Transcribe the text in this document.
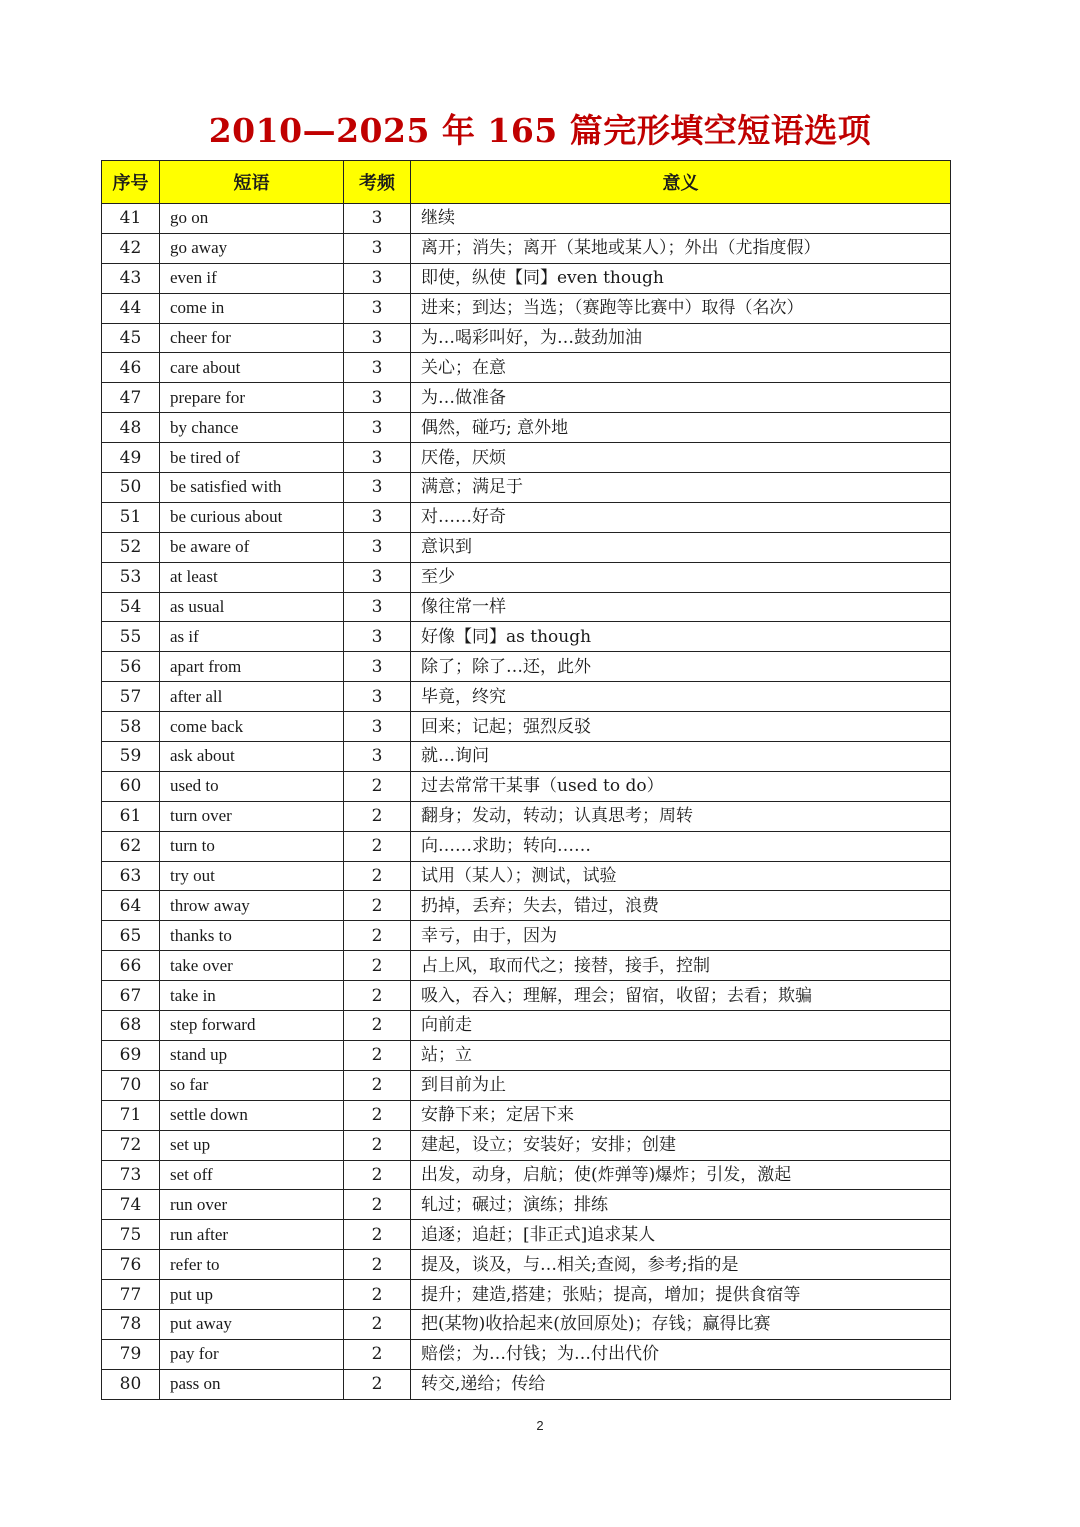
2010—2025 年 165 篇完形填空短语选项
序号	短语	考频	意义
41	go on	3	继续
42	go away	3	离开；消失；离开（某地或某人）；外出（尤指度假）
43	even if	3	即使，纵使【同】even though
44	come in	3	进来；到达；当选；（赛跑等比赛中）取得（名次）
45	cheer for	3	为…喝彩叫好，为…鼓劲加油
46	care about	3	关心；在意
47	prepare for	3	为…做准备
48	by chance	3	偶然，碰巧; 意外地
49	be tired of	3	厌倦，厌烦
50	be satisfied with	3	满意；满足于
51	be curious about	3	对……好奇
52	be aware of	3	意识到
53	at least	3	至少
54	as usual	3	像往常一样
55	as if	3	好像【同】as though
56	apart from	3	除了；除了…还，此外
57	after all	3	毕竟，终究
58	come back	3	回来；记起；强烈反驳
59	ask about	3	就…询问
60	used to	2	过去常常干某事（used to do）
61	turn over	2	翻身；发动，转动；认真思考；周转
62	turn to	2	向……求助；转向……
63	try out	2	试用（某人）；测试，试验
64	throw away	2	扔掉，丢弃；失去，错过，浪费
65	thanks to	2	幸亏，由于，因为
66	take over	2	占上风，取而代之；接替，接手，控制
67	take in	2	吸入，吞入；理解，理会；留宿，收留；去看；欺骗
68	step forward	2	向前走
69	stand up	2	站；立
70	so far	2	到目前为止
71	settle down	2	安静下来；定居下来
72	set up	2	建起，设立；安装好；安排；创建
73	set off	2	出发，动身，启航；使(炸弹等)爆炸；引发，激起
74	run over	2	轧过；碾过；演练；排练
75	run after	2	追逐；追赶；[非正式]追求某人
76	refer to	2	提及，谈及，与…相关;查阅，参考;指的是
77	put up	2	提升；建造,搭建；张贴；提高，增加；提供食宿等
78	put away	2	把(某物)收拾起来(放回原处)；存钱；赢得比赛
79	pay for	2	赔偿；为…付钱；为…付出代价
80	pass on	2	转交,递给；传给
2
